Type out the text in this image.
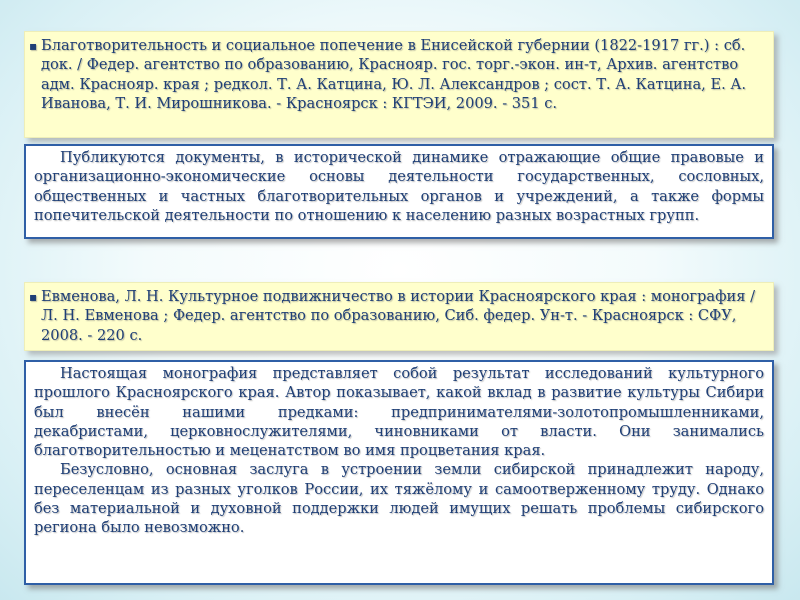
▪ Благотворительность и социальное попечение в Енисейской губернии (1822-1917 гг.) : сб. док. / Федер. агентство по образованию, Краснояр. гос. торг.-экон. ин-т, Архив. агентство адм. Краснояр. края ; редкол. Т. А. Катцина, Ю. Л. Александров ; сост. Т. А. Катцина, Е. А. Иванова, Т. И. Мирошникова. - Красноярск : КГТЭИ, 2009. - 351 с.

Публикуются документы, в исторической динамике отражающие общие правовые и организационно-экономические основы деятельности государственных, сословных, общественных и частных благотворительных органов и учреждений, а также формы попечительской деятельности по отношению к населению разных возрастных групп.

▪ Евменова, Л. Н. Культурное подвижничество в истории Красноярского края : монография / Л. Н. Евменова ; Федер. агентство по образованию, Сиб. федер. Ун-т. - Красноярск : СФУ, 2008. - 220 с.

Настоящая монография представляет собой результат исследований культурного прошлого Красноярского края. Автор показывает, какой вклад в развитие культуры Сибири был внесён нашими предками: предпринимателями-золотопромышленниками, декабристами, церковнослужителями, чиновниками от власти. Они занимались благотворительностью и меценатством во имя процветания края.

Безусловно, основная заслуга в устроении земли сибирской принадлежит народу, переселенцам из разных уголков России, их тяжёлому и самоотверженному труду. Однако без материальной и духовной поддержки людей имущих решать проблемы сибирского региона было невозможно.
